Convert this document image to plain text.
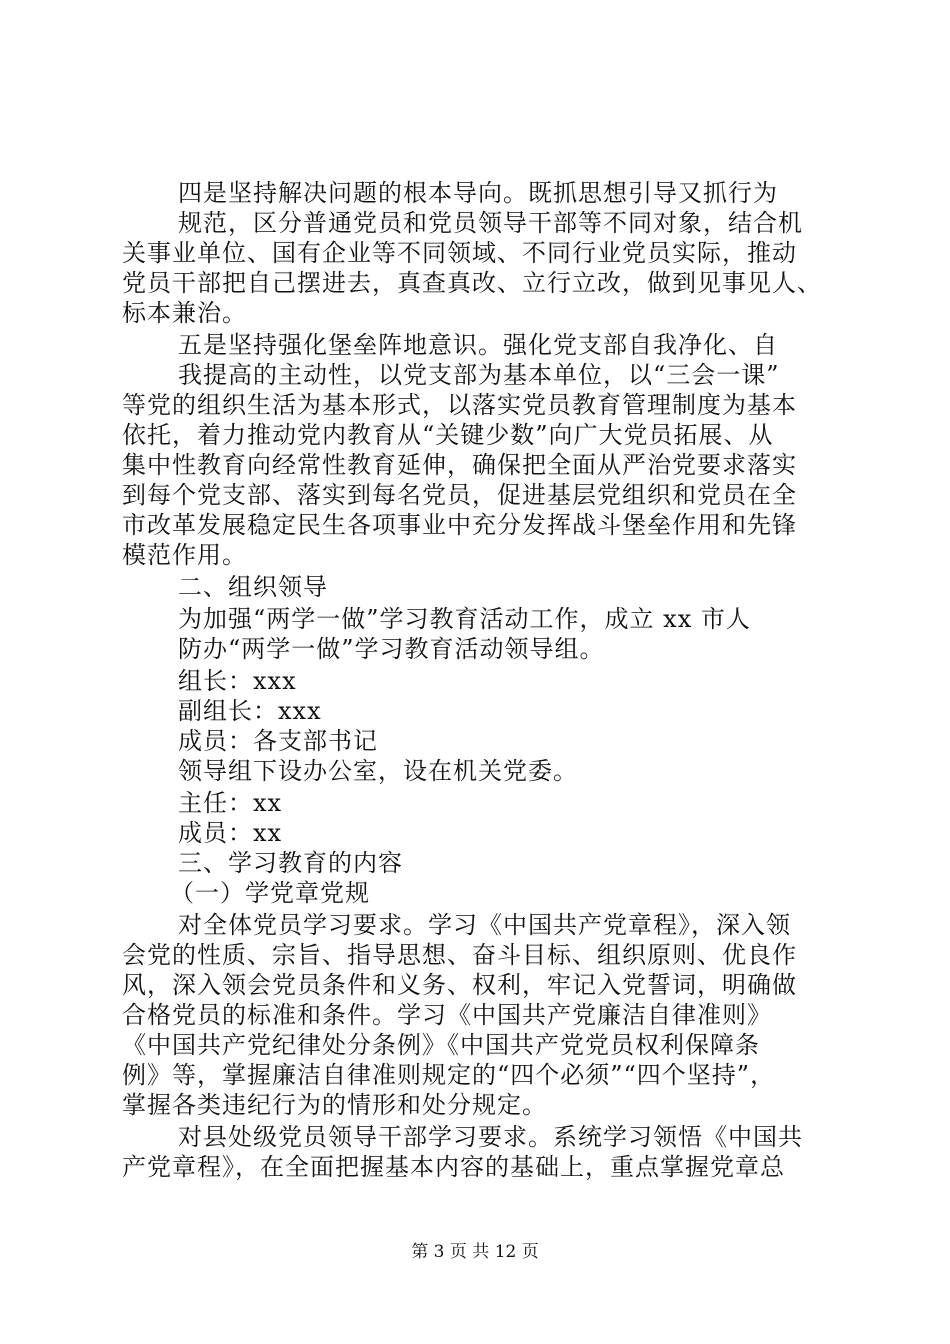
四是坚持解决问题的根本导向。既抓思想引导又抓行为
规范，区分普通党员和党员领导干部等不同对象，结合机
关事业单位、国有企业等不同领域、不同行业党员实际，推动
党员干部把自己摆进去，真查真改、立行立改，做到见事见人、
标本兼治。
五是坚持强化堡垒阵地意识。强化党支部自我净化、自
我提高的主动性，以党支部为基本单位，以“三会一课”
等党的组织生活为基本形式，以落实党员教育管理制度为基本
依托，着力推动党内教育从“关键少数”向广大党员拓展、从
集中性教育向经常性教育延伸，确保把全面从严治党要求落实
到每个党支部、落实到每名党员，促进基层党组织和党员在全
市改革发展稳定民生各项事业中充分发挥战斗堡垒作用和先锋
模范作用。
二、组织领导
为加强“两学一做”学习教育活动工作，成立 xx 市人
防办“两学一做”学习教育活动领导组。
组长：xxx
副组长：xxx
成员：各支部书记
领导组下设办公室，设在机关党委。
主任：xx
成员：xx
三、学习教育的内容
（一）学党章党规
对全体党员学习要求。学习《中国共产党章程》，深入领
会党的性质、宗旨、指导思想、奋斗目标、组织原则、优良作
风，深入领会党员条件和义务、权利，牢记入党誓词，明确做
合格党员的标准和条件。学习《中国共产党廉洁自律准则》
《中国共产党纪律处分条例》《中国共产党党员权利保障条
例》等，掌握廉洁自律准则规定的“四个必须”“四个坚持”，
掌握各类违纪行为的情形和处分规定。
对县处级党员领导干部学习要求。系统学习领悟《中国共
产党章程》，在全面把握基本内容的基础上，重点掌握党章总
第 3 页 共 12 页
